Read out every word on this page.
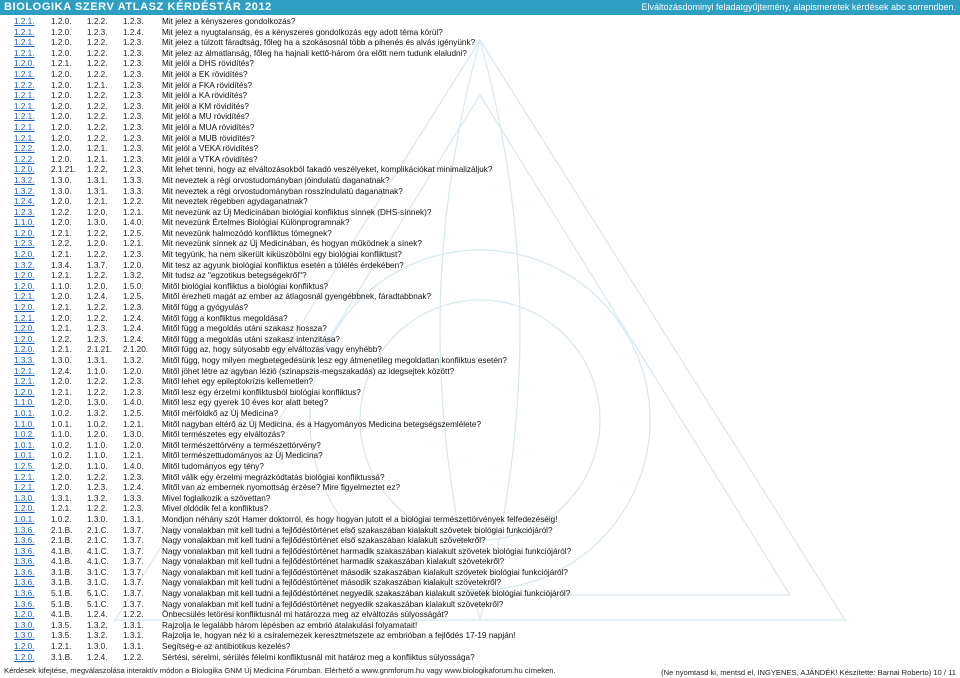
BIOLOGIKA SZERV ATLASZ KÉRDÉSTÁR 2012	Elváltozásdominyi feladatgyűjtemény, alapismeretek kérdések abc sorrendben.
1.2.1. 1.2.0. 1.2.2. 1.2.3. Mit jelez a kényszeres gondolkozás?
1.2.1. 1.2.0. 1.2.3. 1.2.4. Mit jelez a nyugtalanság, és a kényszeres gondolkozás egy adott téma körül?
1.2.1. 1.2.0. 1.2.2. 1.2.3. Mit jelez a túlzott fáradtság, főleg ha a szokásosnál több a pihenés és alvás igényünk?
1.2.1. 1.2.0. 1.2.2. 1.2.3. Mit jelez az álmatlanság, főleg ha hajnali kettő-három óra előtt nem tudunk elaludni?
1.2.0. 1.2.1. 1.2.2. 1.2.3. Mit jelöl a DHS rövidítés?
1.2.1. 1.2.0. 1.2.2. 1.2.3. Mit jelöl a EK rövidítés?
1.2.2. 1.2.0. 1.2.1. 1.2.3. Mit jelöl a FKA rövidítés?
1.2.1. 1.2.0. 1.2.2. 1.2.3. Mit jelöl a KA rövidítés?
1.2.1. 1.2.0. 1.2.2. 1.2.3. Mit jelöl a KM rövidítés?
1.2.1. 1.2.0. 1.2.2. 1.2.3. Mit jelöl a MU rövidítés?
1.2.1. 1.2.0. 1.2.2. 1.2.3. Mit jelöl a MUA rövidítés?
1.2.1. 1.2.0. 1.2.2. 1.2.3. Mit jelöl a MUB rövidítés?
1.2.2. 1.2.0. 1.2.1. 1.2.3. Mit jelöl a VEKA rövidítés?
1.2.2. 1.2.0. 1.2.1. 1.2.3. Mit jelöl a VTKA rövidítés?
1.2.0. 2.1.21. 1.2.2. 1.2.3. Mit lehet tenni, hogy az elváltozásokból fakadó veszélyeket, komplikációkat minimalizáljuk?
1.3.2. 1.3.0. 1.3.1. 1.3.3. Mit neveztek a régi orvostudományban jóindulatú daganatnak?
1.3.2. 1.3.0. 1.3.1. 1.3.3. Mit neveztek a régi orvostudományban rosszindulatú daganatnak?
1.2.4. 1.2.0. 1.2.1. 1.2.2. Mit neveztek régebben agydaganatnak?
1.2.3. 1.2.2. 1.2.0. 1.2.1. Mit nevezünk az Új Medicinában biológiai konfliktus sínnek (DHS-sínnek)?
1.1.0. 1.2.0. 1.3.0. 1.4.0. Mit nevezünk Értelmes Biológiai Különprogramnak?
1.2.0. 1.2.1. 1.2.2. 1.2.5. Mit nevezünk halmozódó konfliktus tömegnek?
1.2.3. 1.2.2. 1.2.0. 1.2.1. Mit nevezünk sínnek az Új Medicinában, és hogyan működnek a sínek?
1.2.0. 1.2.1. 1.2.2. 1.2.3. Mit tegyünk, ha nem sikerült kiküszöbölni egy biológiai konfliktust?
1.3.2. 1.3.4. 1.3.7. 1.2.0. Mit tesz az agyunk biológiai konfliktus esetén a túlélés érdekében?
1.2.0. 1.2.1. 1.2.2. 1.3.2. Mit tudsz az "egzotikus betegségekről"?
1.2.0. 1.1.0. 1.2.0. 1.5.0. Mitől biológiai konfliktus a biológiai konfliktus?
1.2.1. 1.2.0. 1.2.4. 1.2.5. Mitől érezheti magát az ember az átlagosnál gyengébbnek, fáradtabbnak?
1.2.0. 1.2.1. 1.2.2. 1.2.3. Mitől függ a gyógyulás?
1.2.1. 1.2.0. 1.2.2. 1.2.4. Mitől függ a konfliktus megoldása?
1.2.0. 1.2.1. 1.2.3. 1.2.4. Mitől függ a megoldás utáni szakasz hossza?
1.2.0. 1.2.2. 1.2.3. 1.2.4. Mitől függ a megoldás utáni szakasz intenzitása?
1.2.0. 1.2.1. 2.1.21. 2.1.20. Mitől függ az, hogy súlyosabb egy elváltozás vagy enyhébb?
1.3.3. 1.3.0. 1.3.1. 1.3.2. Mitől függ, hogy milyen megbetegedésünk lesz egy átmenetileg megoldatlan konfliktus esetén?
1.2.1. 1.2.4. 1.1.0. 1.2.0. Mitől jöhet létre az agyban lézió (szinapszis-megszakadás) az idegsejtek között?
1.2.1. 1.2.0. 1.2.2. 1.2.3. Mitől lehet egy epileptokrízis kellemetlen?
1.2.0. 1.2.1. 1.2.2. 1.2.3. Mitől lesz egy érzelmi konfliktusból biológiai konfliktus?
1.1.0. 1.2.0. 1.3.0. 1.4.0. Mitől lesz egy gyerek 10 éves kor alatt beteg?
1.0.1. 1.0.2. 1.3.2. 1.2.5. Mitől mérföldkő az Új Medicina?
1.1.0. 1.0.1. 1.0.2. 1.2.1. Mitől nagyban eltérő az Új Medicina, és a Hagyományos Medicina betegségszemlélete?
1.0.2. 1.1.0. 1.2.0. 1.3.0. Mitől természetes egy elváltozás?
1.0.1. 1.0.2. 1.1.0. 1.2.0. Mitől természettörvény a természettörvény?
1.0.1. 1.0.2. 1.1.0. 1.2.1. Mitől természettudományos az Új Medicina?
1.2.5. 1.2.0. 1.1.0. 1.4.0. Mitől tudományos egy tény?
1.2.1. 1.2.0. 1.2.2. 1.2.3. Mitől válik egy érzelmi megrázkódtatás biológiai konfliktussá?
1.2.1. 1.2.0. 1.2.3. 1.2.4. Mitől van az embernek nyomottság érzése? Mire figyelmeztet ez?
1.3.0. 1.3.1. 1.3.2. 1.3.3. Mivel foglalkozik a szövettan?
1.2.0. 1.2.1. 1.2.2. 1.2.3. Mivel oldódik fel a konfliktus?
1.0.1. 1.0.2. 1.3.0. 1.3.1. Mondjon néhány szót Hamer doktorról, és hogy hogyan jutott el a biológiai természettörvények felfedezéséig!
1.3.6. 2.1.B. 2.1.C. 1.3.7. Nagy vonalakban mit kell tudni a fejlődéstörténet első szakaszában kialakult szövetek biológiai funkciójáról?
1.3.6. 2.1.B. 2.1.C. 1.3.7. Nagy vonalakban mit kell tudni a fejlődéstörténet első szakaszában kialakult szövetekről?
1.3.6. 4.1.B. 4.1.C. 1.3.7. Nagy vonalakban mit kell tudni a fejlődéstörténet harmadik szakaszában kialakult szövetek biológiai funkciójáról?
1.3.6. 4.1.B. 4.1.C. 1.3.7. Nagy vonalakban mit kell tudni a fejlődéstörténet harmadik szakaszában kialakult szövetekről?
1.3.6. 3.1.B. 3.1.C. 1.3.7. Nagy vonalakban mit kell tudni a fejlődéstörténet második szakaszában kialakult szövetek biológiai funkciójáról?
1.3.6. 3.1.B. 3.1.C. 1.3.7. Nagy vonalakban mit kell tudni a fejlődéstörténet második szakaszában kialakult szövetekről?
1.3.6. 5.1.B. 5.1.C. 1.3.7. Nagy vonalakban mit kell tudni a fejlődéstörténet negyedik szakaszában kialakult szövetek biológiai funkciójáról?
1.3.6. 5.1.B. 5.1.C. 1.3.7. Nagy vonalakban mit kell tudni a fejlődéstörténet negyedik szakaszában kialakult szövetekről?
1.2.0. 4.1.B. 1.2.4. 1.2.2. Önbecsülés letörési konfliktusnál mi határozza meg az elváltozás súlyosságát?
1.3.0. 1.3.5. 1.3.2. 1.3.1. Rajzolja le legalább három lépésben az embrió átalakulási folyamatait!
1.3.0. 1.3.5. 1.3.2. 1.3.1. Rajzolja le, hogyan néz ki a csíralemezek keresztmetszete az embrióban a fejlődés 17-19 napján!
1.2.0. 1.2.1. 1.3.0. 1.3.1. Segítség-e az antibiotikus kezelés?
1.2.0. 3.1.B. 1.2.4. 1.2.2. Sértési, sérelmi, sérülés félelmi konfliktusnál mit határoz meg a konfliktus súlyossága?
Kérdések kifejtése, megválaszolása interaktív módon a Biologika GNM Új Medicina Fórumban. Elérhető a www.gnmforum.hu vagy www.biologikaforum.hu címeken.	(Ne nyomtasd ki, mentsd el, INGYENES, AJÁNDÉK! Készítette: Barnai Roberto) 10 / 11
